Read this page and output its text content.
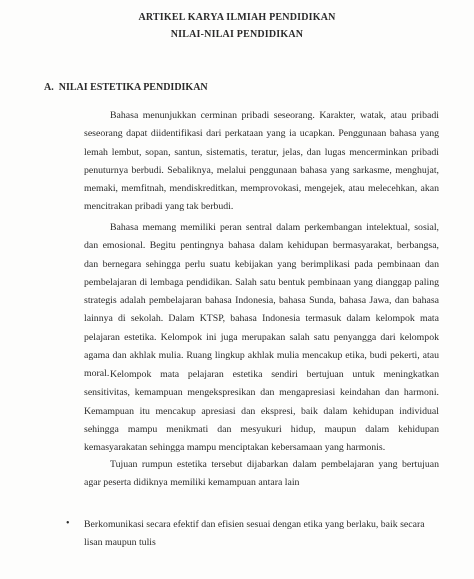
ARTIKEL KARYA ILMIAH PENDIDIKAN
NILAI-NILAI PENDIDIKAN
A.  NILAI ESTETIKA PENDIDIKAN

Bahasa menunjukkan cerminan pribadi seseorang. Karakter, watak, atau pribadi seseorang dapat diidentifikasi dari perkataan yang ia ucapkan. Penggunaan bahasa yang lemah lembut, sopan, santun, sistematis, teratur, jelas, dan lugas mencerminkan pribadi penuturnya berbudi. Sebaliknya, melalui penggunaan bahasa yang sarkasme, menghujat, memaki, memfitnah, mendiskreditkan, memprovokasi, mengejek, atau melecehkan, akan mencitrakan pribadi yang tak berbudi.

Bahasa memang memiliki peran sentral dalam perkembangan intelektual, sosial, dan emosional. Begitu pentingnya bahasa dalam kehidupan bermasyarakat, berbangsa, dan bernegara sehingga perlu suatu kebijakan yang berimplikasi pada pembinaan dan pembelajaran di lembaga pendidikan. Salah satu bentuk pembinaan yang dianggap paling strategis adalah pembelajaran bahasa Indonesia, bahasa Sunda, bahasa Jawa, dan bahasa lainnya di sekolah. Dalam KTSP, bahasa Indonesia termasuk dalam kelompok mata pelajaran estetika. Kelompok ini juga merupakan salah satu penyangga dari kelompok agama dan akhlak mulia. Ruang lingkup akhlak mulia mencakup etika, budi pekerti, atau moral. Kelompok mata pelajaran estetika sendiri bertujuan untuk meningkatkan sensitivitas, kemampuan mengekspresikan dan mengapresiasi keindahan dan harmoni. Kemampuan itu mencakup apresiasi dan ekspresi, baik dalam kehidupan individual sehingga mampu menikmati dan mesyukuri hidup, maupun dalam kehidupan kemasyarakatan sehingga mampu menciptakan kebersamaan yang harmonis.

Tujuan rumpun estetika tersebut dijabarkan dalam pembelajaran yang bertujuan agar peserta didiknya memiliki kemampuan antara lain

• Berkomunikasi secara efektif dan efisien sesuai dengan etika yang berlaku, baik secara lisan maupun tulis
